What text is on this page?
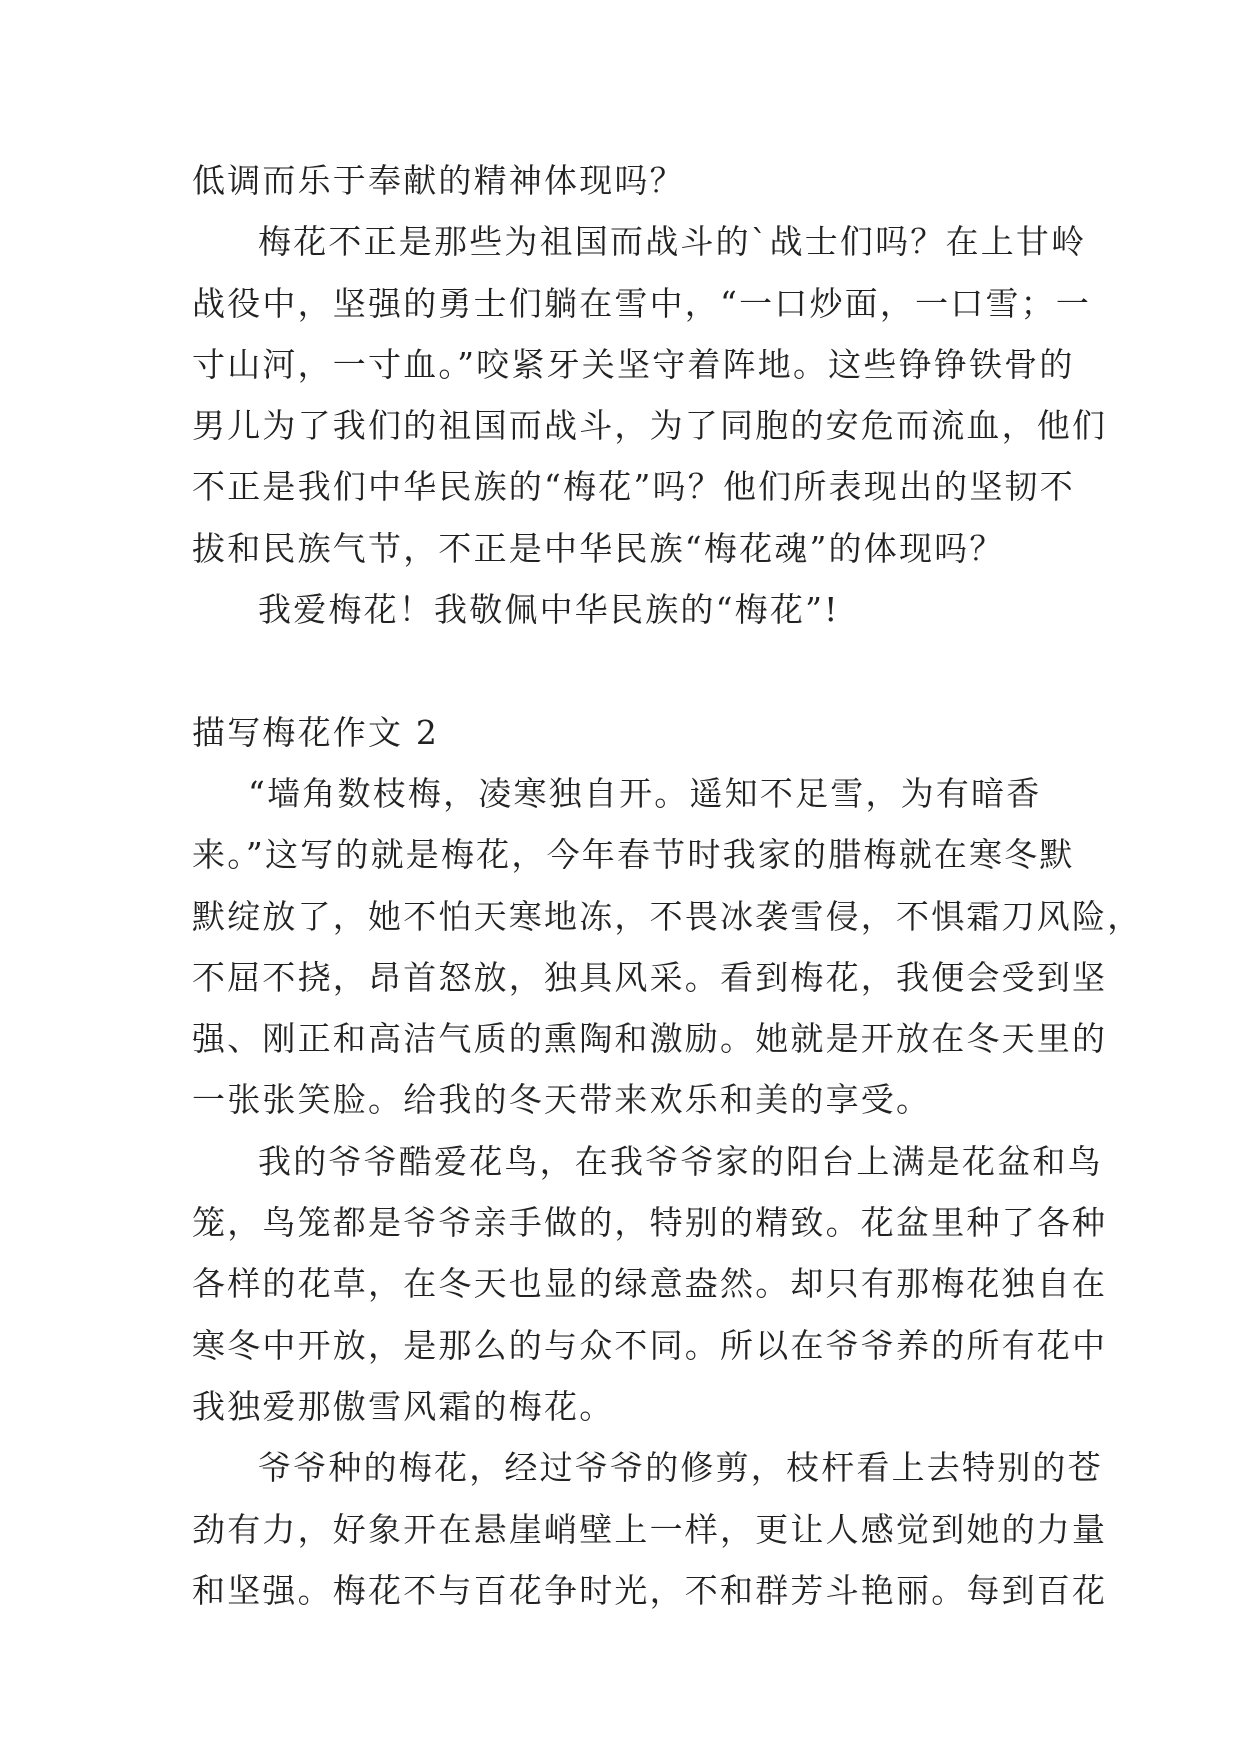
低调而乐于奉献的精神体现吗？
梅花不正是那些为祖国而战斗的`战士们吗？在上甘岭
战役中，坚强的勇士们躺在雪中，“一口炒面，一口雪；一
寸山河，一寸血。”咬紧牙关坚守着阵地。这些铮铮铁骨的
男儿为了我们的祖国而战斗，为了同胞的安危而流血，他们
不正是我们中华民族的“梅花”吗？他们所表现出的坚韧不
拔和民族气节，不正是中华民族“梅花魂”的体现吗？
我爱梅花！我敬佩中华民族的“梅花”!
描写梅花作文 2
“墙角数枝梅，凌寒独自开。遥知不足雪，为有暗香
来。”这写的就是梅花，今年春节时我家的腊梅就在寒冬默
默绽放了，她不怕天寒地冻，不畏冰袭雪侵，不惧霜刀风险，
不屈不挠，昂首怒放，独具风采。看到梅花，我便会受到坚
强、刚正和高洁气质的熏陶和激励。她就是开放在冬天里的
一张张笑脸。给我的冬天带来欢乐和美的享受。
我的爷爷酷爱花鸟，在我爷爷家的阳台上满是花盆和鸟
笼，鸟笼都是爷爷亲手做的，特别的精致。花盆里种了各种
各样的花草，在冬天也显的绿意盎然。却只有那梅花独自在
寒冬中开放，是那么的与众不同。所以在爷爷养的所有花中
我独爱那傲雪风霜的梅花。
爷爷种的梅花，经过爷爷的修剪，枝杆看上去特别的苍
劲有力，好象开在悬崖峭壁上一样，更让人感觉到她的力量
和坚强。梅花不与百花争时光，不和群芳斗艳丽。每到百花
